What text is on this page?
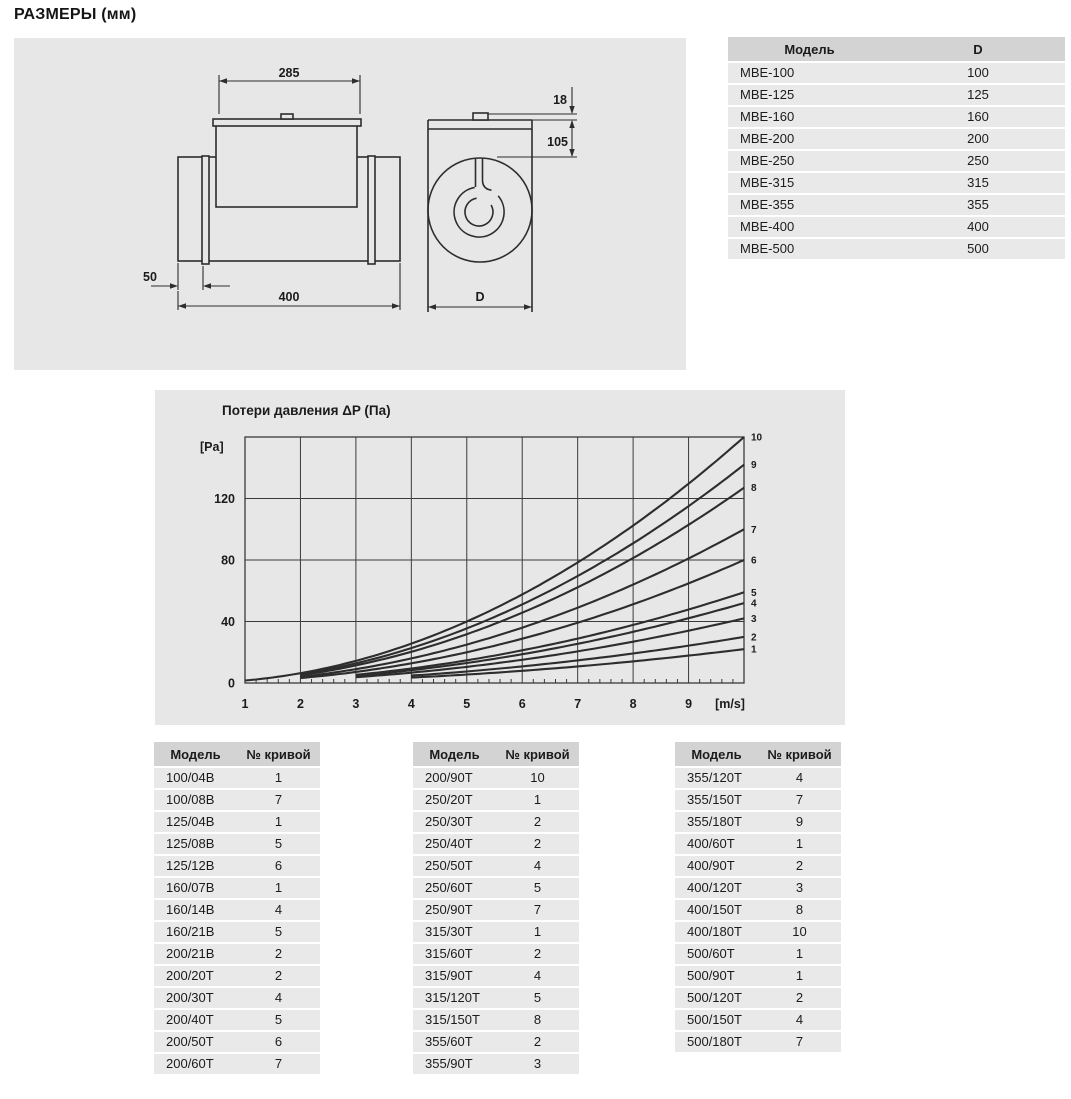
РАЗМЕРЫ (мм)
285
50
400
18
105
D
Модель	D
МВЕ-100	100
МВЕ-125	125
МВЕ-160	160
МВЕ-200	200
МВЕ-250	250
МВЕ-315	315
МВЕ-355	355
МВЕ-400	400
МВЕ-500	500
Потери давления ΔP (Па)
1
2
3
4
5
6
7
8
9
10
1	2	3	4	5	6	7	8	9 [m/s]
0
40
80
120
[Pa]
Модель	№ кривой
100/04B	1
100/08B	7
125/04B	1
125/08B	5
125/12B	6
160/07B	1
160/14B	4
160/21B	5
200/21B	2
200/20T	2
200/30T	4
200/40T	5
200/50T	6
200/60T	7
Модель	№ кривой
200/90T	10
250/20T	1
250/30T	2
250/40T	2
250/50T	4
250/60T	5
250/90T	7
315/30T	1
315/60T	2
315/90T	4
315/120T	5
315/150T	8
355/60T	2
355/90T	3
Модель	№ кривой
355/120T	4
355/150T	7
355/180T	9
400/60T	1
400/90T	2
400/120T	3
400/150T	8
400/180T	10
500/60T	1
500/90T	1
500/120T	2
500/150T	4
500/180T	7
